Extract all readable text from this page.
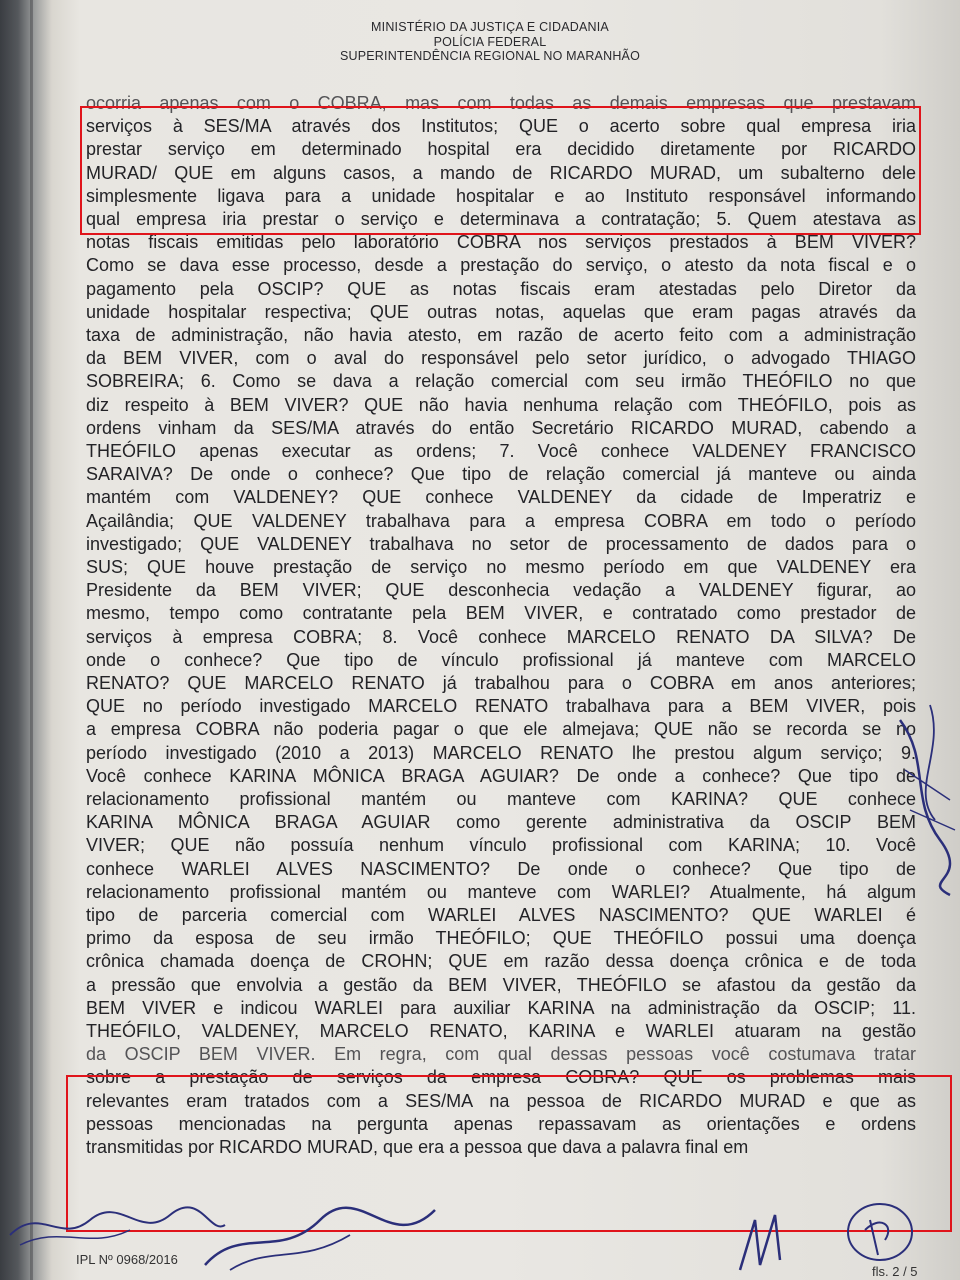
MINISTÉRIO DA JUSTIÇA E CIDADANIA
POLÍCIA FEDERAL
SUPERINTENDÊNCIA REGIONAL NO MARANHÃO
ocorria apenas com o COBRA, mas com todas as demais empresas que prestavam
serviços à SES/MA através dos Institutos; QUE o acerto sobre qual empresa iria
prestar serviço em determinado hospital era decidido diretamente por RICARDO
MURAD/ QUE em alguns casos, a mando de RICARDO MURAD, um subalterno dele
simplesmente ligava para a unidade hospitalar e ao Instituto responsável informando
qual empresa iria prestar o serviço e determinava a contratação; 5. Quem atestava as
notas fiscais emitidas pelo laboratório COBRA nos serviços prestados à BEM VIVER?
Como se dava esse processo, desde a prestação do serviço, o atesto da nota fiscal e o
pagamento pela OSCIP? QUE as notas fiscais eram atestadas pelo Diretor da
unidade hospitalar respectiva; QUE outras notas, aquelas que eram pagas através da
taxa de administração, não havia atesto, em razão de acerto feito com a administração
da BEM VIVER, com o aval do responsável pelo setor jurídico, o advogado THIAGO
SOBREIRA; 6. Como se dava a relação comercial com seu irmão THEÓFILO no que
diz respeito à BEM VIVER? QUE não havia nenhuma relação com THEÓFILO, pois as
ordens vinham da SES/MA através do então Secretário RICARDO MURAD, cabendo a
THEÓFILO apenas executar as ordens; 7. Você conhece VALDENEY FRANCISCO
SARAIVA? De onde o conhece? Que tipo de relação comercial já manteve ou ainda
mantém com VALDENEY? QUE conhece VALDENEY da cidade de Imperatriz e
Açailândia; QUE VALDENEY trabalhava para a empresa COBRA em todo o período
investigado; QUE VALDENEY trabalhava no setor de processamento de dados para o
SUS; QUE houve prestação de serviço no mesmo período em que VALDENEY era
Presidente da BEM VIVER; QUE desconhecia vedação a VALDENEY figurar, ao
mesmo, tempo como contratante pela BEM VIVER, e contratado como prestador de
serviços à empresa COBRA; 8. Você conhece MARCELO RENATO DA SILVA? De
onde o conhece? Que tipo de vínculo profissional já manteve com MARCELO
RENATO? QUE MARCELO RENATO já trabalhou para o COBRA em anos anteriores;
QUE no período investigado MARCELO RENATO trabalhava para a BEM VIVER, pois
a empresa COBRA não poderia pagar o que ele almejava; QUE não se recorda se no
período investigado (2010 a 2013) MARCELO RENATO lhe prestou algum serviço; 9.
Você conhece KARINA MÔNICA BRAGA AGUIAR? De onde a conhece? Que tipo de
relacionamento profissional mantém ou manteve com KARINA? QUE conhece
KARINA MÔNICA BRAGA AGUIAR como gerente administrativa da OSCIP BEM
VIVER; QUE não possuía nenhum vínculo profissional com KARINA; 10. Você
conhece WARLEI ALVES NASCIMENTO? De onde o conhece? Que tipo de
relacionamento profissional mantém ou manteve com WARLEI? Atualmente, há algum
tipo de parceria comercial com WARLEI ALVES NASCIMENTO? QUE WARLEI é
primo da esposa de seu irmão THEÓFILO; QUE THEÓFILO possui uma doença
crônica chamada doença de CROHN; QUE em razão dessa doença crônica e de toda
a pressão que envolvia a gestão da BEM VIVER, THEÓFILO se afastou da gestão da
BEM VIVER e indicou WARLEI para auxiliar KARINA na administração da OSCIP; 11.
THEÓFILO, VALDENEY, MARCELO RENATO, KARINA e WARLEI atuaram na gestão
da OSCIP BEM VIVER. Em regra, com qual dessas pessoas você costumava tratar
sobre a prestação de serviços da empresa COBRA? QUE os problemas mais
relevantes eram tratados com a SES/MA na pessoa de RICARDO MURAD e que as
pessoas mencionadas na pergunta apenas repassavam as orientações e ordens
transmitidas por RICARDO MURAD, que era a pessoa que dava a palavra final em
IPL Nº 0968/2016
fls. 2 / 5
